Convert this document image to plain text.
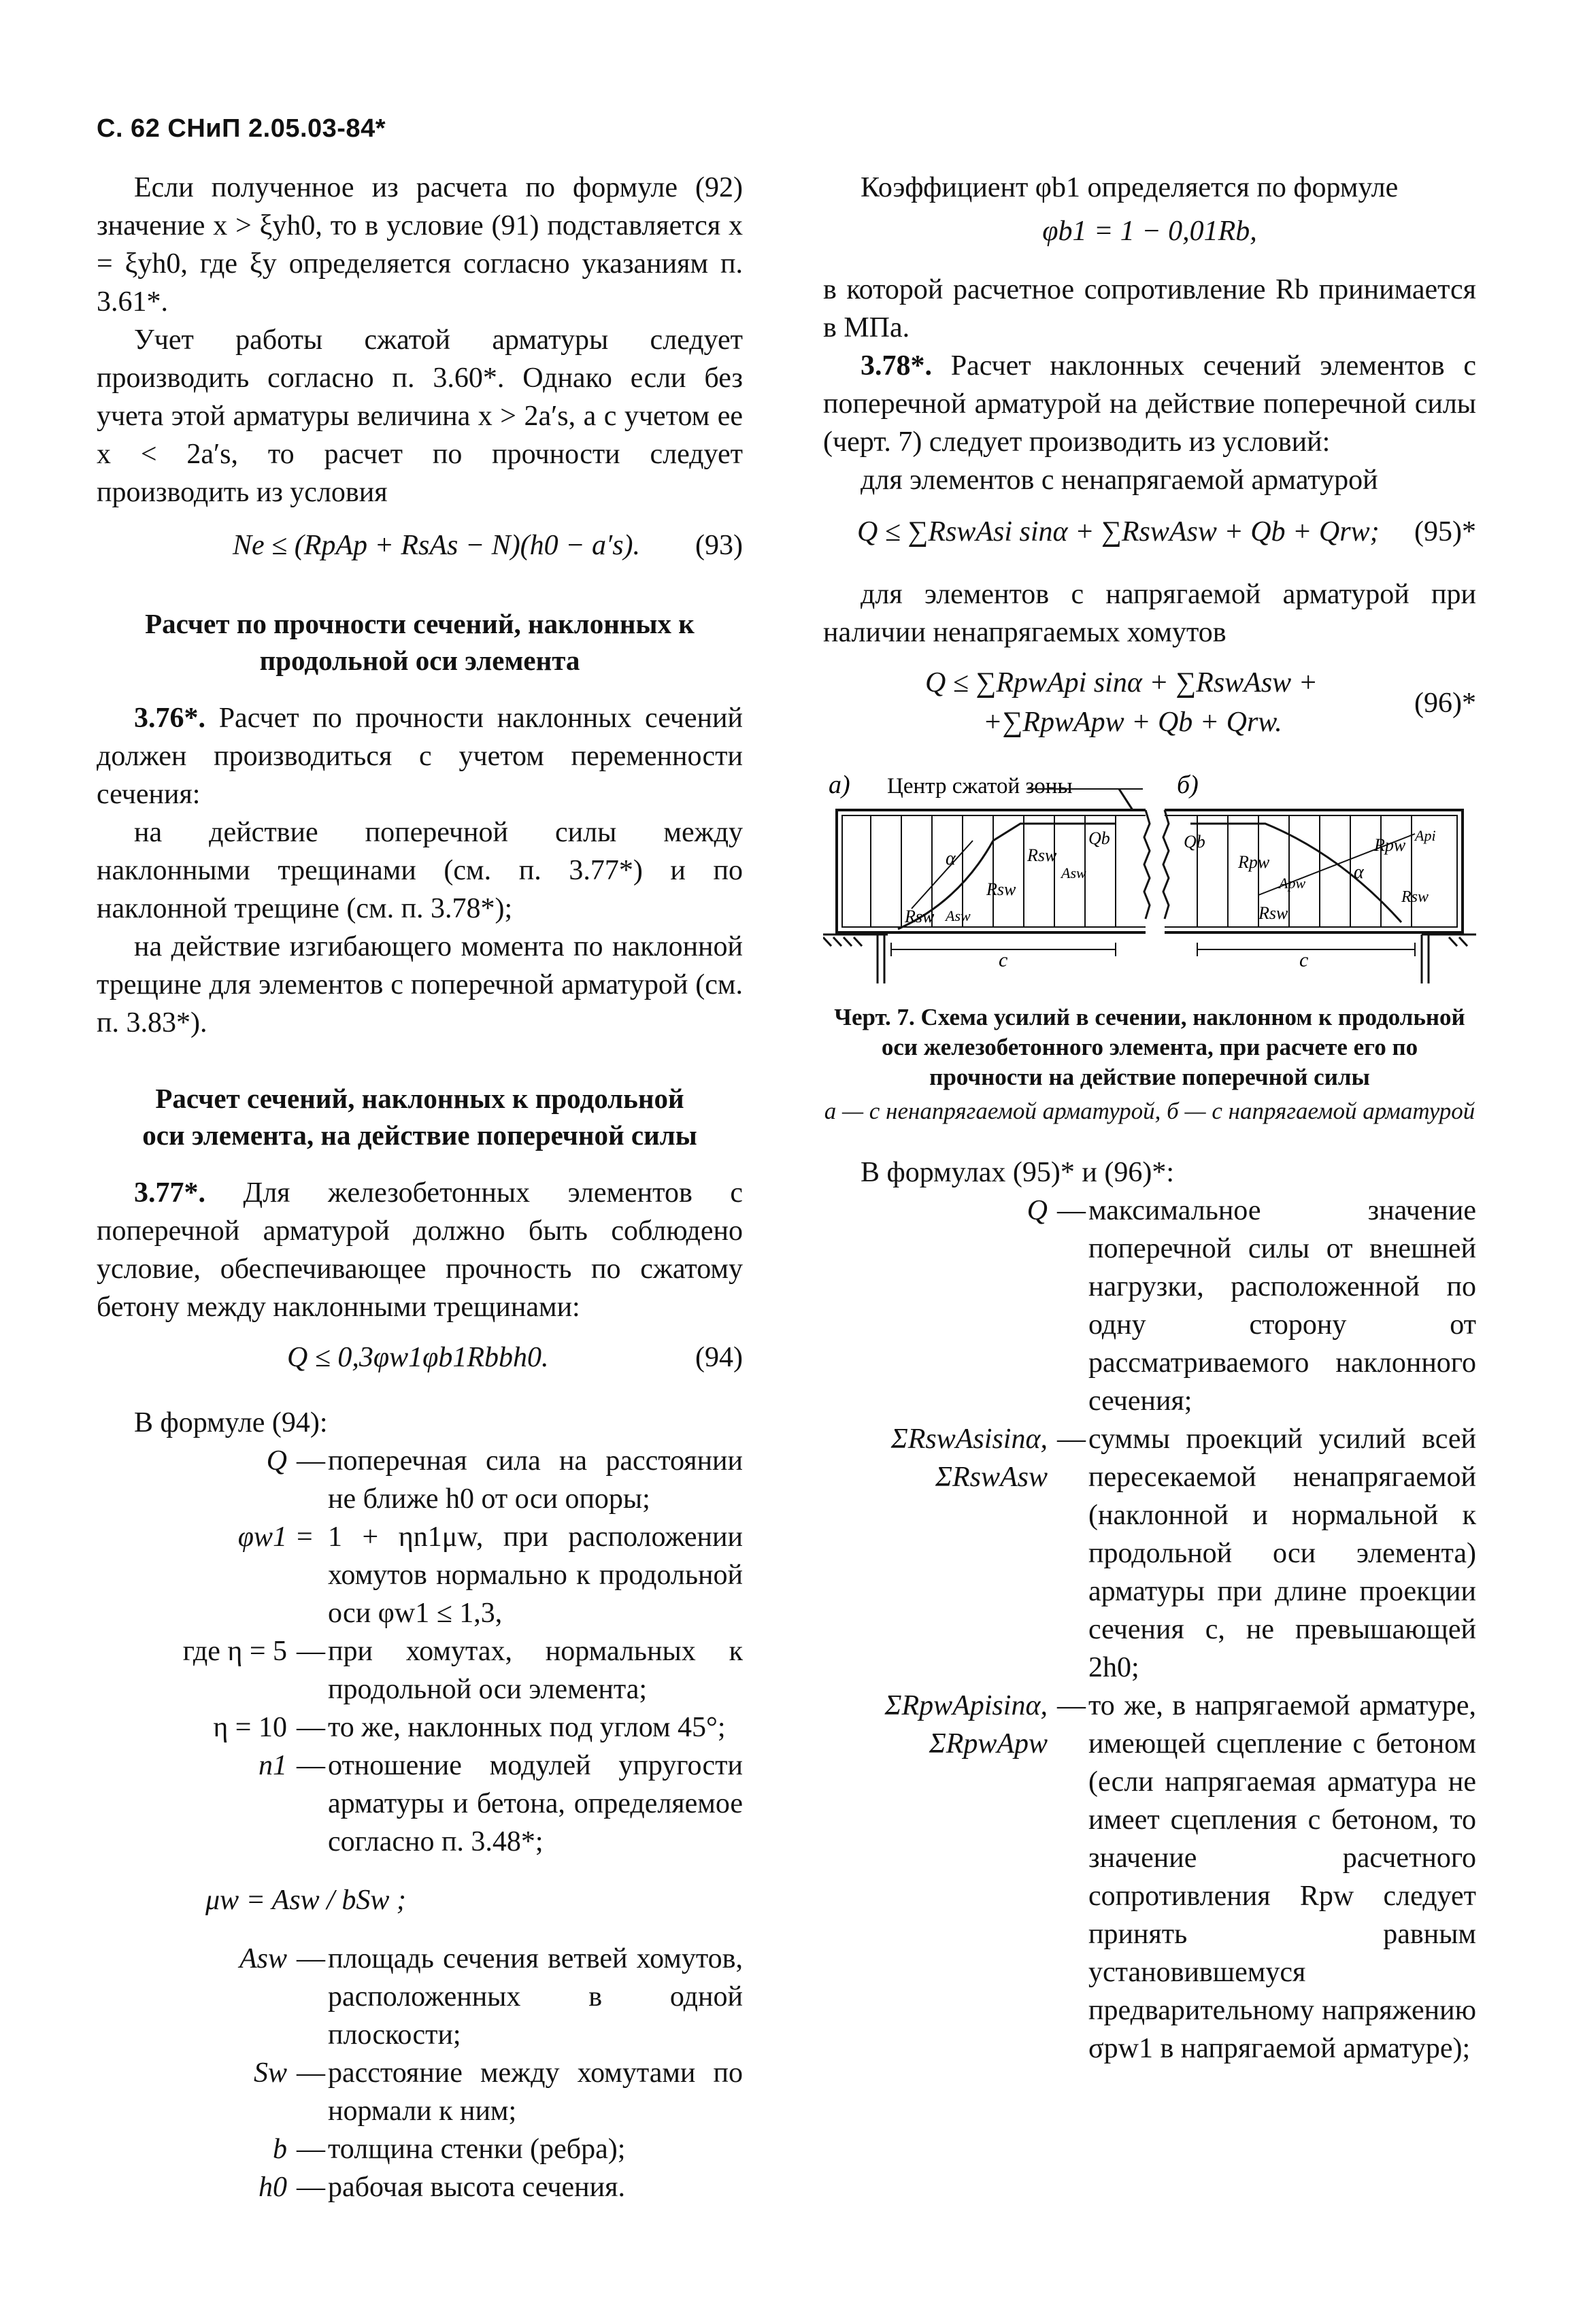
С. 62 СНиП 2.05.03-84*

Если полученное из расчета по формуле (92) значение x > ξyh0, то в условие (91) подставляется x = ξyh0, где ξy определяется согласно указаниям п. 3.61*.

Учет работы сжатой арматуры следует производить согласно п. 3.60*. Однако если без учета этой арматуры величина x > 2a′s, а с учетом ее x < 2a′s, то расчет по прочности следует производить из условия

Ne ≤ (RpAp + RsAs − N)(h0 − a′s). (93)
Расчет по прочности сечений, наклонных к продольной оси элемента

3.76*. Расчет по прочности наклонных сечений должен производиться с учетом переменности сечения:

на действие поперечной силы между наклонными трещинами (см. п. 3.77*) и по наклонной трещине (см. п. 3.78*);

на действие изгибающего момента по наклонной трещине для элементов с поперечной арматурой (см. п. 3.83*).

Расчет сечений, наклонных к продольной оси элемента, на действие поперечной силы

3.77*. Для железобетонных элементов с поперечной арматурой должно быть соблюдено условие, обеспечивающее прочность по сжатому бетону между наклонными трещинами:

Q ≤ 0,3φw1φb1Rbbh0.	(94)

В формуле (94):

Q — поперечная сила на расстоянии не ближе h0 от оси опоры;
φw1 = 1 + ηn1μw, при расположении хомутов нормально к продольной оси φw1 ≤ 1,3,
где η = 5 — при хомутах, нормальных к продольной оси элемента;
η = 10 — то же, наклонных под углом 45°;
n1 — отношение модулей упругости арматуры и бетона, определяемое согласно п. 3.48*;
μw = Asw / bSw ;
Asw — площадь сечения ветвей хомутов, расположенных в одной плоскости;
Sw — расстояние между хомутами по нормали к ним;
b — толщина стенки (ребра);
h0 — рабочая высота сечения.

Коэффициент φb1 определяется по формуле

φb1 = 1 − 0,01Rb,

в которой расчетное сопротивление Rb принимается в МПа.

3.78*. Расчет наклонных сечений элементов с поперечной арматурой на действие поперечной силы (черт. 7) следует производить из условий:

для элементов с ненапрягаемой арматурой

Q ≤ ∑RswAsi sinα + ∑RswAsw + Qb + Qrw; (95)*

для элементов с напрягаемой арматурой при наличии ненапрягаемых хомутов

Q ≤ ∑RpwApi sinα + ∑RswAsw +
+∑RpwApw + Qb + Qrw.
(96)*
а) Центр сжатой зоны	б)
α
α
Qb	Qb
Rsw
Asw
Rsw
Rsw Asw
Rpw Api
Rpw
Apw
Rsw
Rsw
c	c
Черт. 7. Схема усилий в сечении, наклонном к продольной оси железобетонного элемента, при расчете его по прочности на действие поперечной силы
а — с ненапрягаемой арматурой, б — с напрягаемой арматурой

В формулах (95)* и (96)*:

Q — максимальное значение поперечной силы от внешней нагрузки, расположенной по одну сторону от рассматриваемого наклонного сечения;
ΣRswAsisinα, ΣRswAsw
— суммы проекций усилий всей пересекаемой ненапрягаемой (наклонной и нормальной к продольной оси элемента) арматуры при длине проекции сечения c, не превышающей 2h0;
ΣRpwApisinα, ΣRpwApw
— то же, в напрягаемой арматуре, имеющей сцепление с бетоном (если напрягаемая арматура не имеет сцепления с бетоном, то значение расчетного сопротивления Rpw следует принять равным установившемуся предварительному напряжению σpw1 в напрягаемой арматуре);
